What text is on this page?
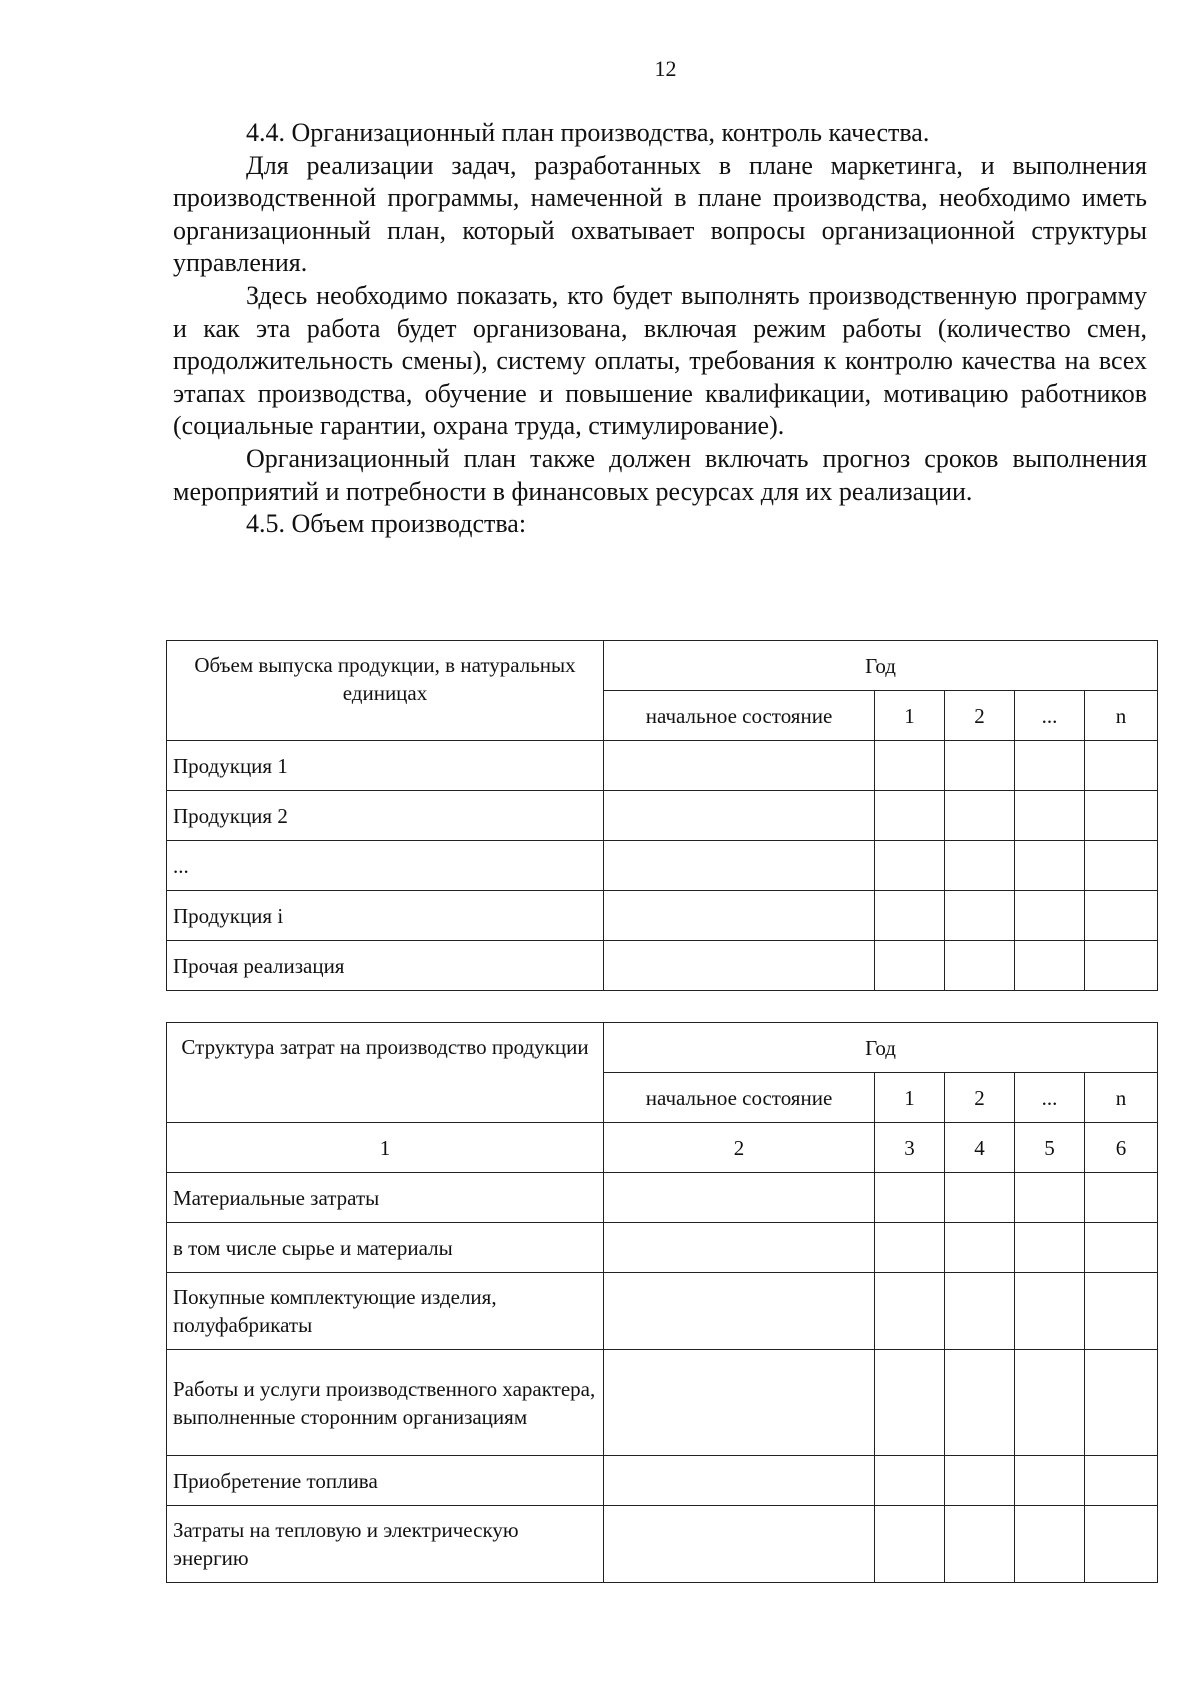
12

4.4. Организационный план производства, контроль качества.

Для реализации задач, разработанных в плане маркетинга, и выполнения производственной программы, намеченной в плане производства, необходимо иметь организационный план, который охватывает вопросы организационной структуры управления.

Здесь необходимо показать, кто будет выполнять производственную программу и как эта работа будет организована, включая режим работы (количество смен, продолжительность смены), систему оплаты, требования к контролю качества на всех этапах производства, обучение и повышение квалификации, мотивацию работников (социальные гарантии, охрана труда, стимулирование).

Организационный план также должен включать прогноз сроков выполнения мероприятий и потребности в финансовых ресурсах для их реализации.

4.5. Объем производства:

Объем выпуска продукции, в натуральных единицах	Год				
	начальное состояние	1	2	...	n
Продукция 1					
Продукция 2					
...					
Продукция i					
Прочая реализация					
Структура затрат на производство продукции	Год				
	начальное состояние	1	2	...	n
1	2	3	4	5	6
Материальные затраты					
в том числе сырье и материалы					
Покупные комплектующие изделия, полуфабрикаты					
Работы и услуги производственного характера, выполненные сторонним организациям					
Приобретение топлива					
Затраты на тепловую и электрическую энергию					
